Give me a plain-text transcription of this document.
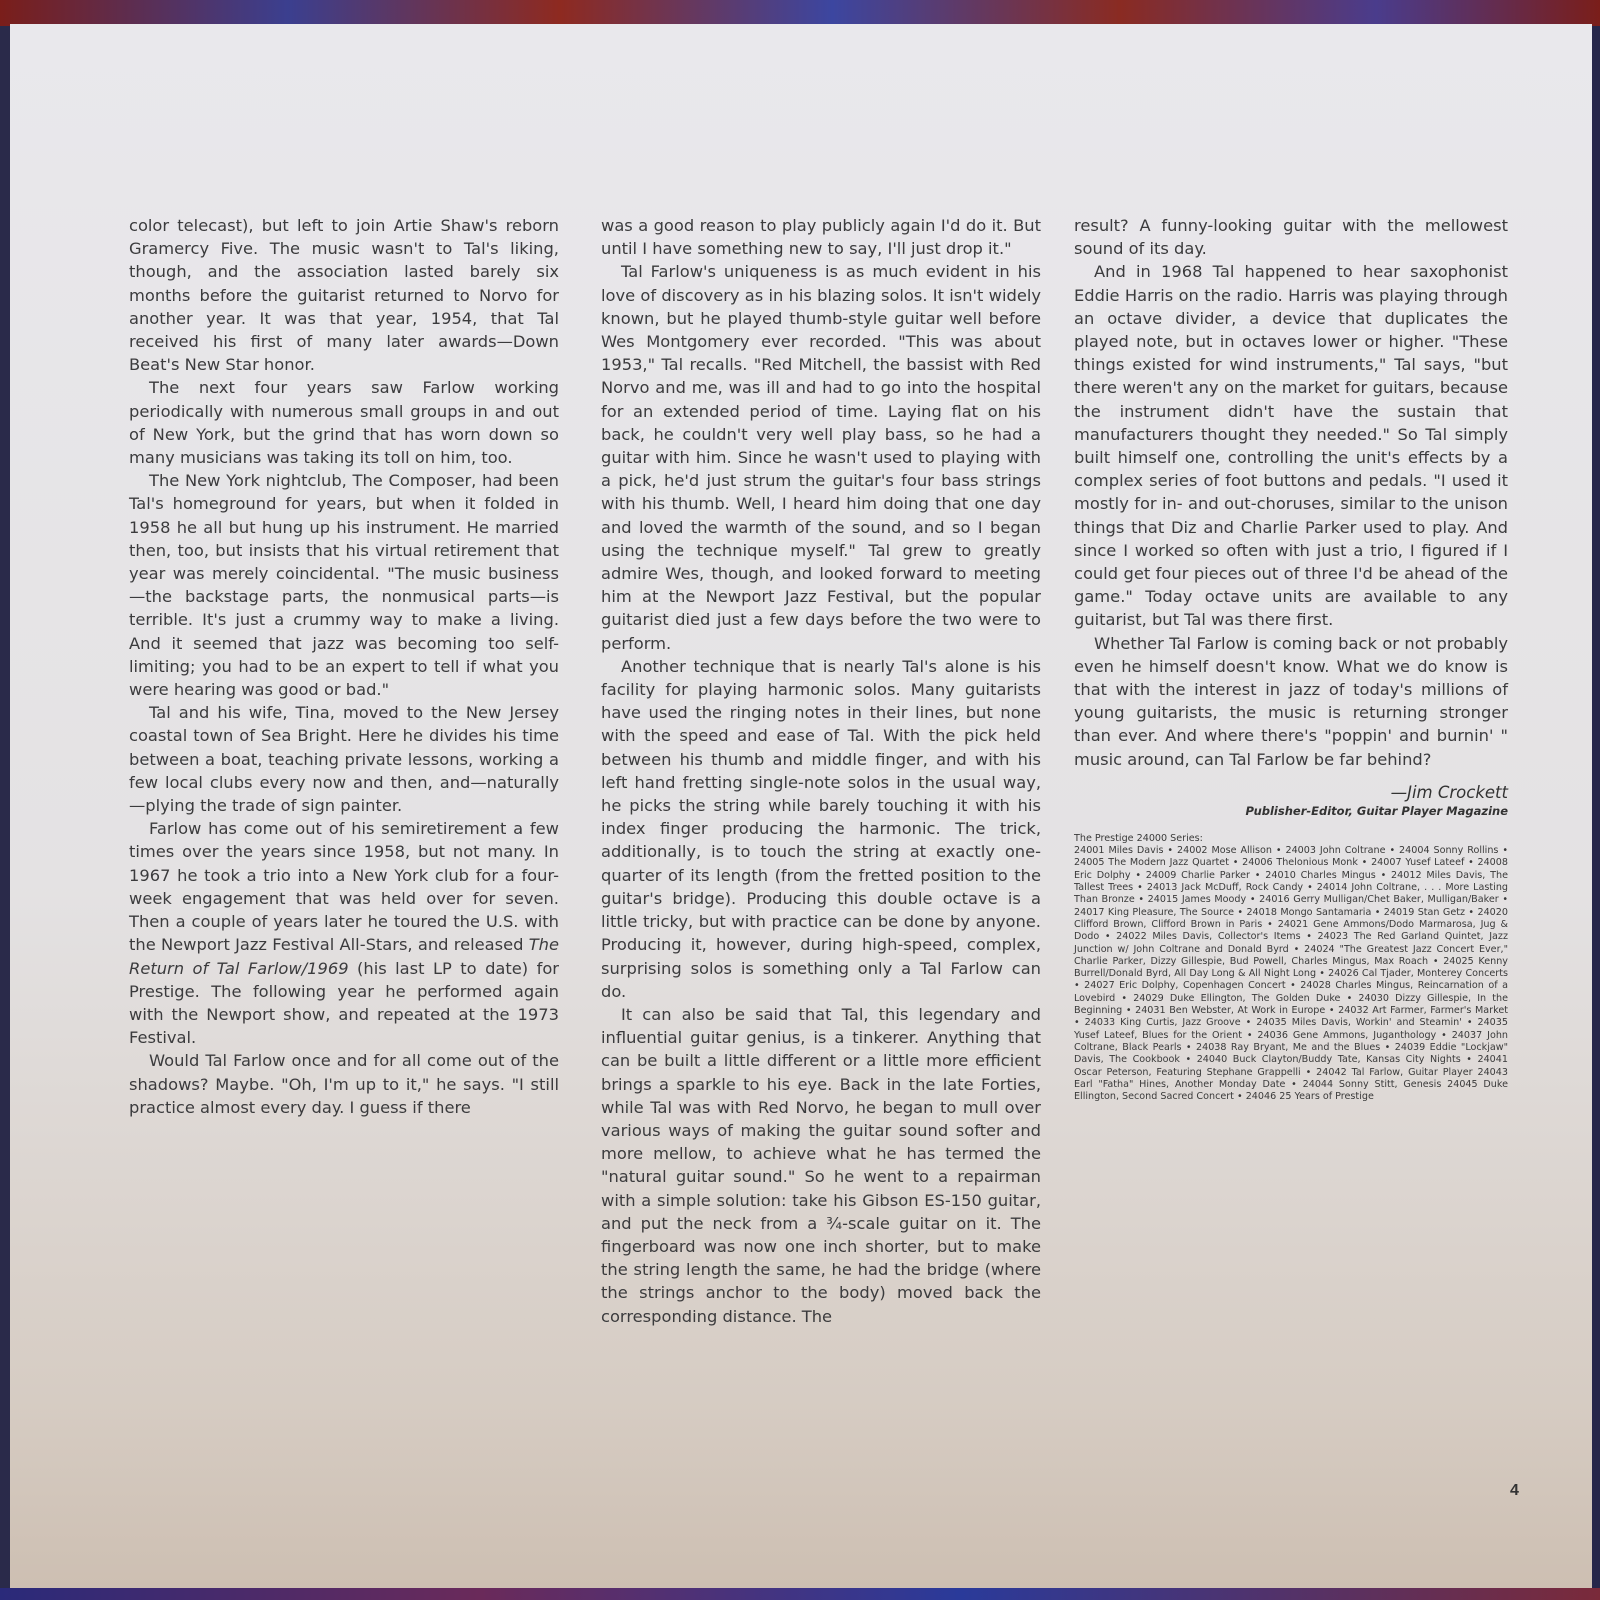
color telecast), but left to join Artie Shaw's reborn Gramercy Five. The music wasn't to Tal's liking, though, and the association lasted barely six months before the guitarist returned to Norvo for another year. It was that year, 1954, that Tal received his first of many later awards—Down Beat's New Star honor.

The next four years saw Farlow working periodically with numerous small groups in and out of New York, but the grind that has worn down so many musicians was taking its toll on him, too.

The New York nightclub, The Composer, had been Tal's homeground for years, but when it folded in 1958 he all but hung up his instrument. He married then, too, but insists that his virtual retirement that year was merely coincidental. "The music business—the backstage parts, the nonmusical parts—is terrible. It's just a crummy way to make a living. And it seemed that jazz was becoming too self-limiting; you had to be an expert to tell if what you were hearing was good or bad."

Tal and his wife, Tina, moved to the New Jersey coastal town of Sea Bright. Here he divides his time between a boat, teaching private lessons, working a few local clubs every now and then, and—naturally—plying the trade of sign painter.

Farlow has come out of his semiretirement a few times over the years since 1958, but not many. In 1967 he took a trio into a New York club for a four-week engagement that was held over for seven. Then a couple of years later he toured the U.S. with the Newport Jazz Festival All-Stars, and released The Return of Tal Farlow/1969 (his last LP to date) for Prestige. The following year he performed again with the Newport show, and repeated at the 1973 Festival.

Would Tal Farlow once and for all come out of the shadows? Maybe. "Oh, I'm up to it," he says. "I still practice almost every day. I guess if there

was a good reason to play publicly again I'd do it. But until I have something new to say, I'll just drop it."

Tal Farlow's uniqueness is as much evident in his love of discovery as in his blazing solos. It isn't widely known, but he played thumb-style guitar well before Wes Montgomery ever recorded. "This was about 1953," Tal recalls. "Red Mitchell, the bassist with Red Norvo and me, was ill and had to go into the hospital for an extended period of time. Laying flat on his back, he couldn't very well play bass, so he had a guitar with him. Since he wasn't used to playing with a pick, he'd just strum the guitar's four bass strings with his thumb. Well, I heard him doing that one day and loved the warmth of the sound, and so I began using the technique myself." Tal grew to greatly admire Wes, though, and looked forward to meeting him at the Newport Jazz Festival, but the popular guitarist died just a few days before the two were to perform.

Another technique that is nearly Tal's alone is his facility for playing harmonic solos. Many guitarists have used the ringing notes in their lines, but none with the speed and ease of Tal. With the pick held between his thumb and middle finger, and with his left hand fretting single-note solos in the usual way, he picks the string while barely touching it with his index finger producing the harmonic. The trick, additionally, is to touch the string at exactly one-quarter of its length (from the fretted position to the guitar's bridge). Producing this double octave is a little tricky, but with practice can be done by anyone. Producing it, however, during high-speed, complex, surprising solos is something only a Tal Farlow can do.

It can also be said that Tal, this legendary and influential guitar genius, is a tinkerer. Anything that can be built a little different or a little more efficient brings a sparkle to his eye. Back in the late Forties, while Tal was with Red Norvo, he began to mull over various ways of making the guitar sound softer and more mellow, to achieve what he has termed the "natural guitar sound." So he went to a repairman with a simple solution: take his Gibson ES-150 guitar, and put the neck from a ¾-scale guitar on it. The fingerboard was now one inch shorter, but to make the string length the same, he had the bridge (where the strings anchor to the body) moved back the corresponding distance. The

result? A funny-looking guitar with the mellowest sound of its day.

And in 1968 Tal happened to hear saxophonist Eddie Harris on the radio. Harris was playing through an octave divider, a device that duplicates the played note, but in octaves lower or higher. "These things existed for wind instruments," Tal says, "but there weren't any on the market for guitars, because the instrument didn't have the sustain that manufacturers thought they needed." So Tal simply built himself one, controlling the unit's effects by a complex series of foot buttons and pedals. "I used it mostly for in- and out-choruses, similar to the unison things that Diz and Charlie Parker used to play. And since I worked so often with just a trio, I figured if I could get four pieces out of three I'd be ahead of the game." Today octave units are available to any guitarist, but Tal was there first.

Whether Tal Farlow is coming back or not probably even he himself doesn't know. What we do know is that with the interest in jazz of today's millions of young guitarists, the music is returning stronger than ever. And where there's "poppin' and burnin' " music around, can Tal Farlow be far behind?

—Jim Crockett
Publisher-Editor, Guitar Player Magazine
The Prestige 24000 Series:
24001 Miles Davis • 24002 Mose Allison • 24003 John Coltrane • 24004 Sonny Rollins • 24005 The Modern Jazz Quartet • 24006 Thelonious Monk • 24007 Yusef Lateef • 24008 Eric Dolphy • 24009 Charlie Parker • 24010 Charles Mingus • 24012 Miles Davis, The Tallest Trees • 24013 Jack McDuff, Rock Candy • 24014 John Coltrane, . . . More Lasting Than Bronze • 24015 James Moody • 24016 Gerry Mulligan/Chet Baker, Mulligan/Baker • 24017 King Pleasure, The Source • 24018 Mongo Santamaria • 24019 Stan Getz • 24020 Clifford Brown, Clifford Brown in Paris • 24021 Gene Ammons/Dodo Marmarosa, Jug & Dodo • 24022 Miles Davis, Collector's Items • 24023 The Red Garland Quintet, Jazz Junction w/ John Coltrane and Donald Byrd • 24024 "The Greatest Jazz Concert Ever," Charlie Parker, Dizzy Gillespie, Bud Powell, Charles Mingus, Max Roach • 24025 Kenny Burrell/Donald Byrd, All Day Long & All Night Long • 24026 Cal Tjader, Monterey Concerts • 24027 Eric Dolphy, Copenhagen Concert • 24028 Charles Mingus, Reincarnation of a Lovebird • 24029 Duke Ellington, The Golden Duke • 24030 Dizzy Gillespie, In the Beginning • 24031 Ben Webster, At Work in Europe • 24032 Art Farmer, Farmer's Market • 24033 King Curtis, Jazz Groove • 24035 Miles Davis, Workin' and Steamin' • 24035 Yusef Lateef, Blues for the Orient • 24036 Gene Ammons, Juganthology • 24037 John Coltrane, Black Pearls • 24038 Ray Bryant, Me and the Blues • 24039 Eddie "Lockjaw" Davis, The Cookbook • 24040 Buck Clayton/Buddy Tate, Kansas City Nights • 24041 Oscar Peterson, Featuring Stephane Grappelli • 24042 Tal Farlow, Guitar Player 24043 Earl "Fatha" Hines, Another Monday Date • 24044 Sonny Stitt, Genesis 24045 Duke Ellington, Second Sacred Concert • 24046 25 Years of Prestige
4
